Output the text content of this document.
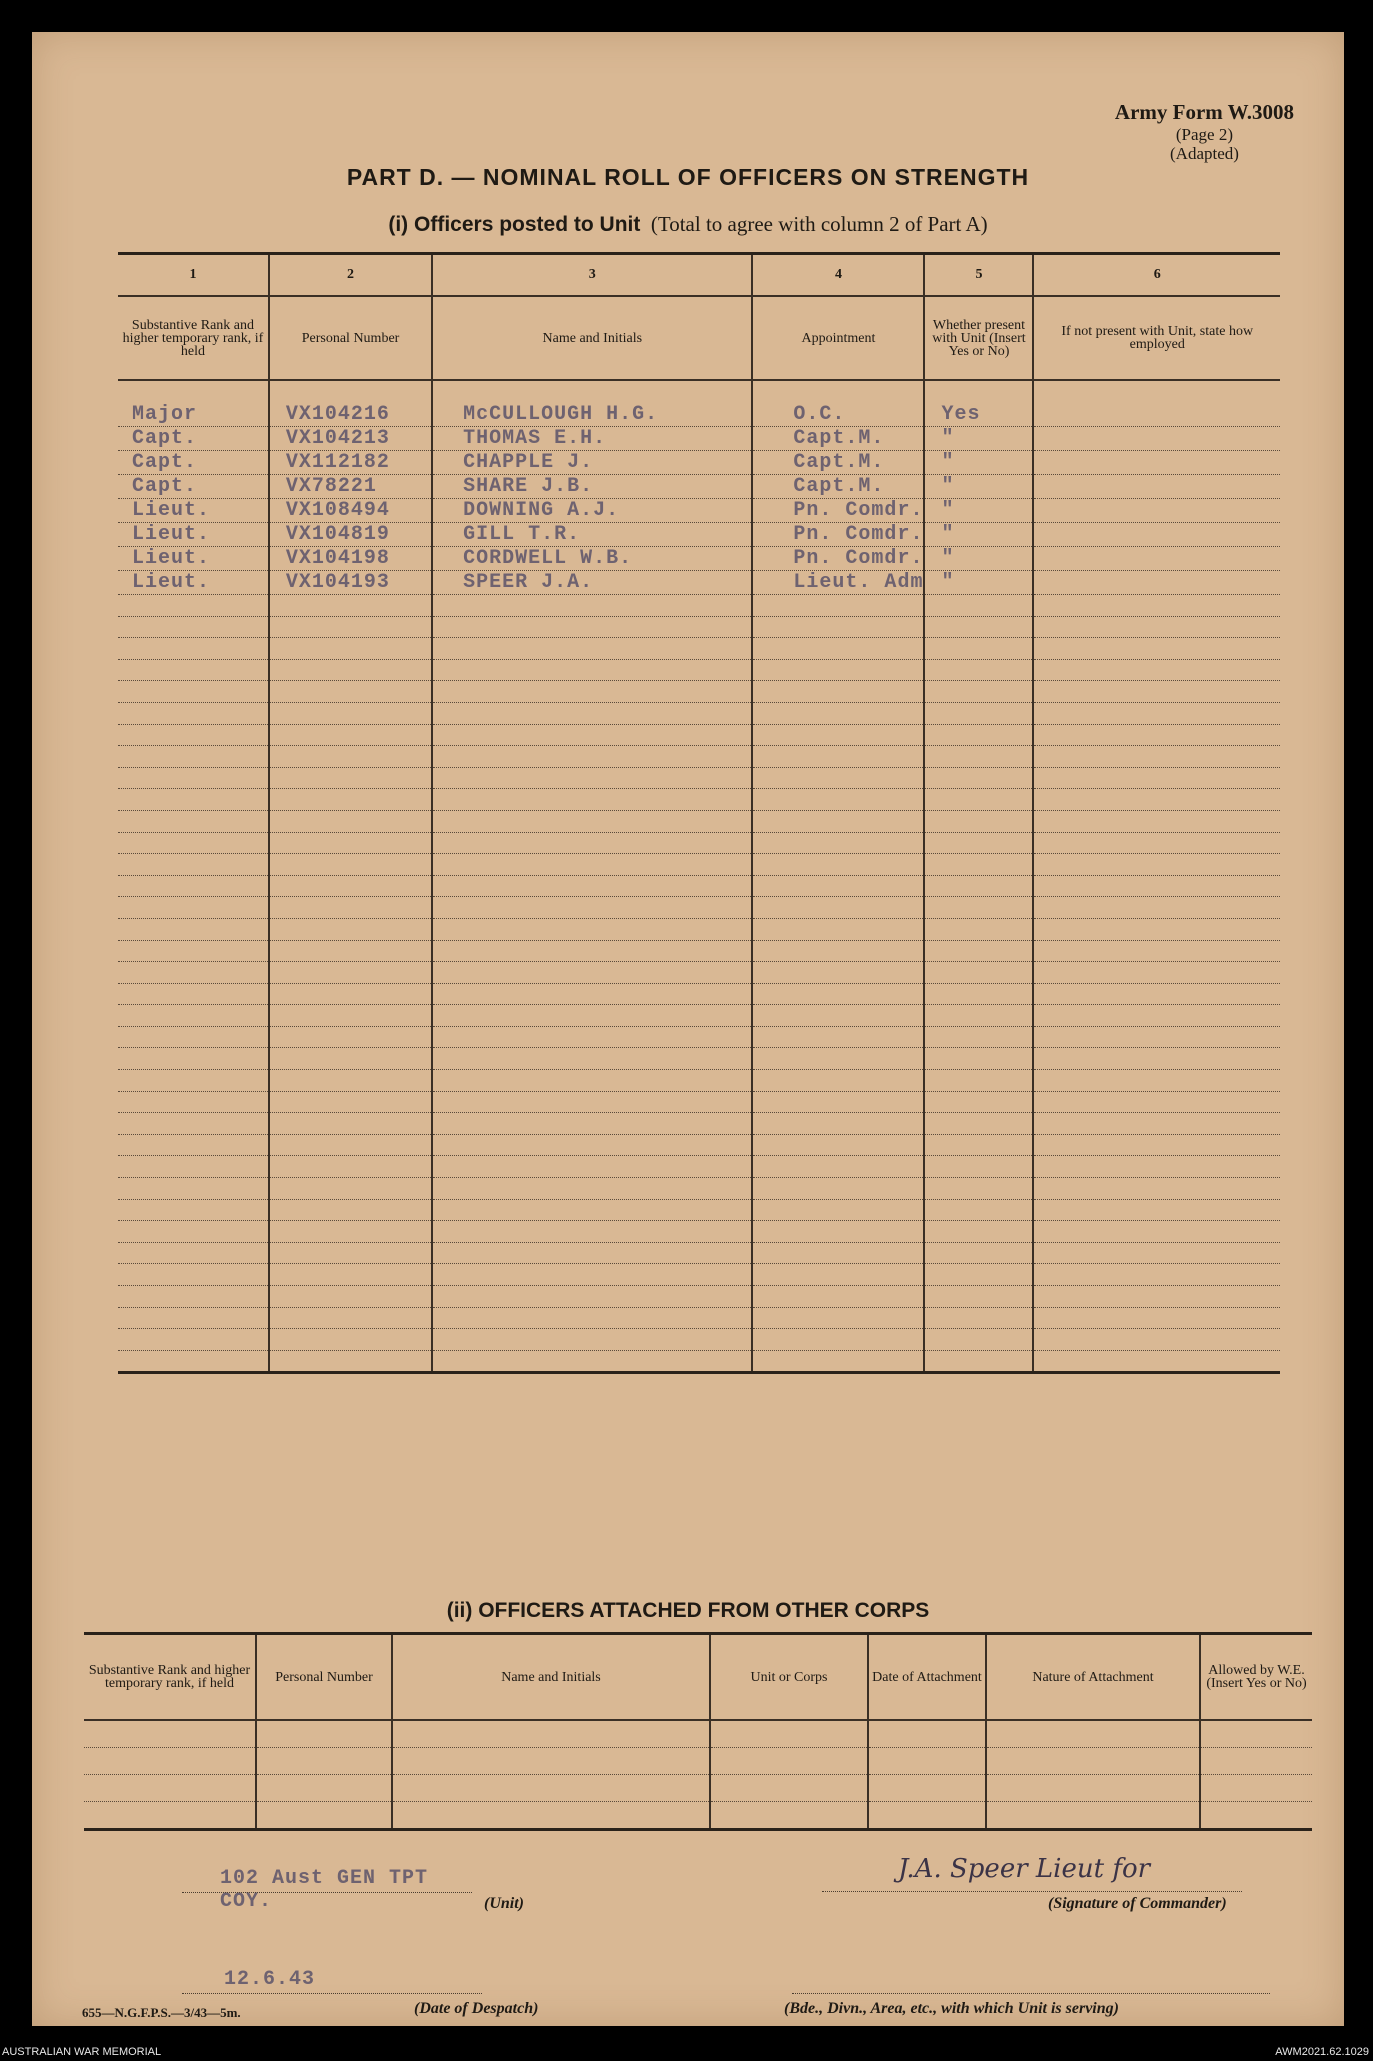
Army Form W.3008
(Page 2)
(Adapted)
PART D. — NOMINAL ROLL OF OFFICERS ON STRENGTH
(i) Officers posted to Unit (Total to agree with column 2 of Part A)
1	2	3	4	5	6
Substantive Rank and higher temporary rank, if held	Personal Number	Name and Initials	Appointment	Whether present with Unit (Insert Yes or No)	If not present with Unit, state how employed

Major	VX104216	McCULLOUGH H.G.	O.C.	Yes	
Capt.	VX104213	THOMAS E.H.	Capt.M.	"	
Capt.	VX112182	CHAPPLE J.	Capt.M.	"	
Capt.	VX78221	SHARE J.B.	Capt.M.	"	
Lieut.	VX108494	DOWNING A.J.	Pn. Comdr.	"	
Lieut.	VX104819	GILL T.R.	Pn. Comdr.	"	
Lieut.	VX104198	CORDWELL W.B.	Pn. Comdr.	"	
Lieut.	VX104193	SPEER J.A.	Lieut. Adm	"	

(ii) OFFICERS ATTACHED FROM OTHER CORPS
Substantive Rank and higher temporary rank, if held	Personal Number	Name and Initials	Unit or Corps	Date of Attachment	Nature of Attachment	Allowed by W.E. (Insert Yes or No)

102 Aust GEN TPT COY.	(Unit)
J.A. Speer Lieut for
(Signature of Commander)
12.6.43
(Date of Despatch)	(Bde., Divn., Area, etc., with which Unit is serving)
655—N.G.F.P.S.—3/43—5m.
AUSTRALIAN WAR MEMORIAL	AWM2021.62.1029
